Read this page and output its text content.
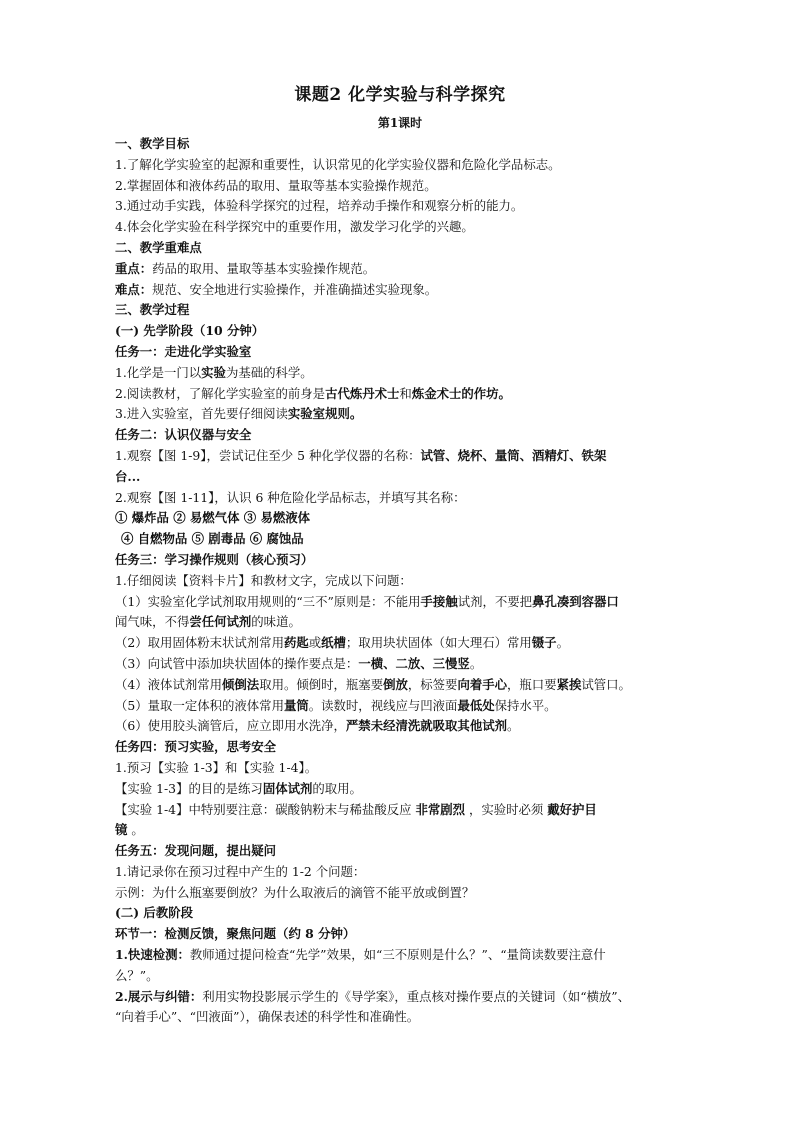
课题2 化学实验与科学探究
第1课时
一、教学目标
1.了解化学实验室的起源和重要性，认识常见的化学实验仪器和危险化学品标志。
2.掌握固体和液体药品的取用、量取等基本实验操作规范。
3.通过动手实践，体验科学探究的过程，培养动手操作和观察分析的能力。
4.体会化学实验在科学探究中的重要作用，激发学习化学的兴趣。
二、教学重难点
重点：药品的取用、量取等基本实验操作规范。
难点：规范、安全地进行实验操作，并准确描述实验现象。
三、教学过程
(一) 先学阶段（10 分钟）
任务一：走进化学实验室
1.化学是一门以实验为基础的科学。
2.阅读教材，了解化学实验室的前身是古代炼丹术士和炼金术士的作坊。
3.进入实验室，首先要仔细阅读实验室规则。
任务二：认识仪器与安全
1.观察【图 1-9】，尝试记住至少 5 种化学仪器的名称：试管、烧杯、量筒、酒精灯、铁架
台...
2.观察【图 1-11】，认识 6 种危险化学品标志，并填写其名称：
① 爆炸品 ② 易燃气体 ③ 易燃液体
④ 自燃物品 ⑤ 剧毒品 ⑥ 腐蚀品
任务三：学习操作规则（核心预习）
1.仔细阅读【资料卡片】和教材文字，完成以下问题：
（1）实验室化学试剂取用规则的“三不”原则是：不能用手接触试剂，不要把鼻孔凑到容器口
闻气味，不得尝任何试剂的味道。
（2）取用固体粉末状试剂常用药匙或纸槽；取用块状固体（如大理石）常用镊子。
（3）向试管中添加块状固体的操作要点是：一横、二放、三慢竖。
（4）液体试剂常用倾倒法取用。倾倒时，瓶塞要倒放，标签要向着手心，瓶口要紧挨试管口。
（5）量取一定体积的液体常用量筒。读数时，视线应与凹液面最低处保持水平。
（6）使用胶头滴管后，应立即用水洗净，严禁未经清洗就吸取其他试剂。
任务四：预习实验，思考安全
1.预习【实验 1-3】和【实验 1-4】。
【实验 1-3】的目的是练习固体试剂的取用。
【实验 1-4】中特别要注意：碳酸钠粉末与稀盐酸反应 非常剧烈 ，实验时必须 戴好护目
镜 。
任务五：发现问题，提出疑问
1.请记录你在预习过程中产生的 1-2 个问题：
示例：为什么瓶塞要倒放？为什么取液后的滴管不能平放或倒置？
(二) 后教阶段
环节一：检测反馈，聚焦问题（约 8 分钟）
1.快速检测：教师通过提问检查“先学”效果，如“三不原则是什么？”、“量筒读数要注意什
么？”。
2.展示与纠错：利用实物投影展示学生的《导学案》，重点核对操作要点的关键词（如“横放”、
“向着手心”、“凹液面”），确保表述的科学性和准确性。
